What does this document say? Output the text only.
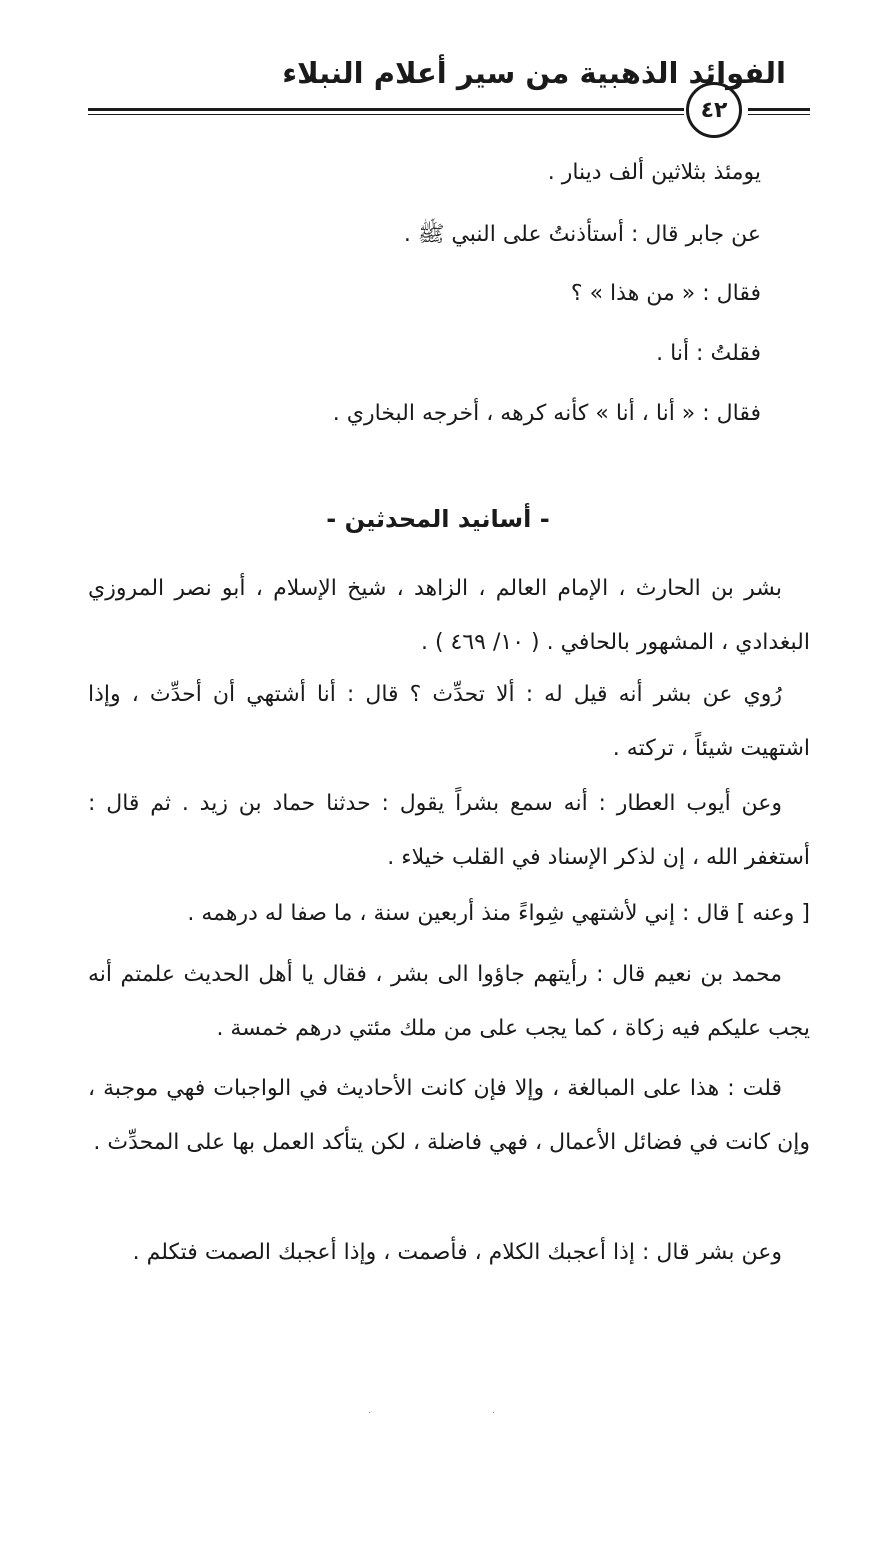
الفوائد الذهبية من سير أعلام النبلاء
٤٢
يومئذ بثلاثين ألف دينار .
عن جابر قال : أستأذنتُ على النبي ﷺ .
فقال : « من هذا » ؟
فقلتُ : أنا .
فقال : « أنا ، أنا » كأنه كرهه ، أخرجه البخاري .
- أسانيد المحدثين -
بشر بن الحارث ، الإمام العالم ، الزاهد ، شيخ الإسلام ، أبو نصر المروزي البغدادي ، المشهور بالحافي . ( ١٠/ ٤٦٩ ) .
رُوي عن بشر أنه قيل له : ألا تحدِّث ؟ قال : أنا أشتهي أن أحدِّث ، وإذا اشتهيت شيئاً ، تركته .
وعن أيوب العطار : أنه سمع بشراً يقول : حدثنا حماد بن زيد . ثم قال : أستغفر الله ، إن لذكر الإسناد في القلب خيلاء .
[ وعنه ] قال : إني لأشتهي شِواءً منذ أربعين سنة ، ما صفا له درهمه .
محمد بن نعيم قال : رأيتهم جاؤوا الى بشر ، فقال يا أهل الحديث علمتم أنه يجب عليكم فيه زكاة ، كما يجب على من ملك مئتي درهم خمسة .
قلت : هذا على المبالغة ، وإلا فإن كانت الأحاديث في الواجبات فهي موجبة ، وإن كانت في فضائل الأعمال ، فهي فاضلة ، لكن يتأكد العمل بها على المحدِّث .
وعن بشر قال : إذا أعجبك الكلام ، فأصمت ، وإذا أعجبك الصمت فتكلم .
·	·
